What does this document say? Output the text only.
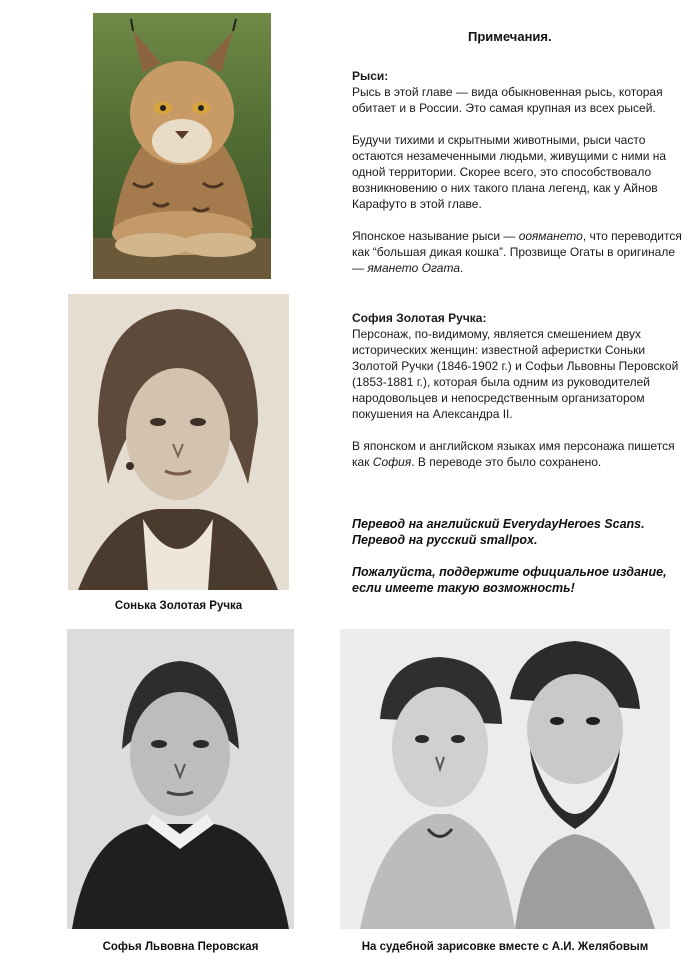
Примечания.

Рыси:

Рысь в этой главе — вида обыкновенная рысь, которая обитает и в России. Это самая крупная из всех рысей.

Будучи тихими и скрытными животными, рыси часто остаются незамеченными людьми, живущими с ними на одной территории. Скорее всего, это способствовало возникновению о них такого плана легенд, как у Айнов Карафуто в этой главе.

Японское называние рыси — ооямането, что переводится как “большая дикая кошка”. Прозвище Огаты в оригинале — ямането Огата.

София Золотая Ручка:

Персонаж, по-видимому, является смешением двух исторических женщин: известной аферистки Соньки Золотой Ручки (1846-1902 г.) и Софьи Львовны Перовской (1853-1881 г.), которая была одним из руководителей народовольцев и непосредственным организатором покушения на Александра II.

В японском и английском языках имя персонажа пишется как София. В переводе это было сохранено.

Перевод на английский EverydayHeroes Scans.

Перевод на русский smallpox.

Пожалуйста, поддержите официальное издание,

если имеете такую возможность!

Сонька Золотая Ручка
Софья Львовна Перовская	На судебной зарисовке вместе с А.И. Желябовым
